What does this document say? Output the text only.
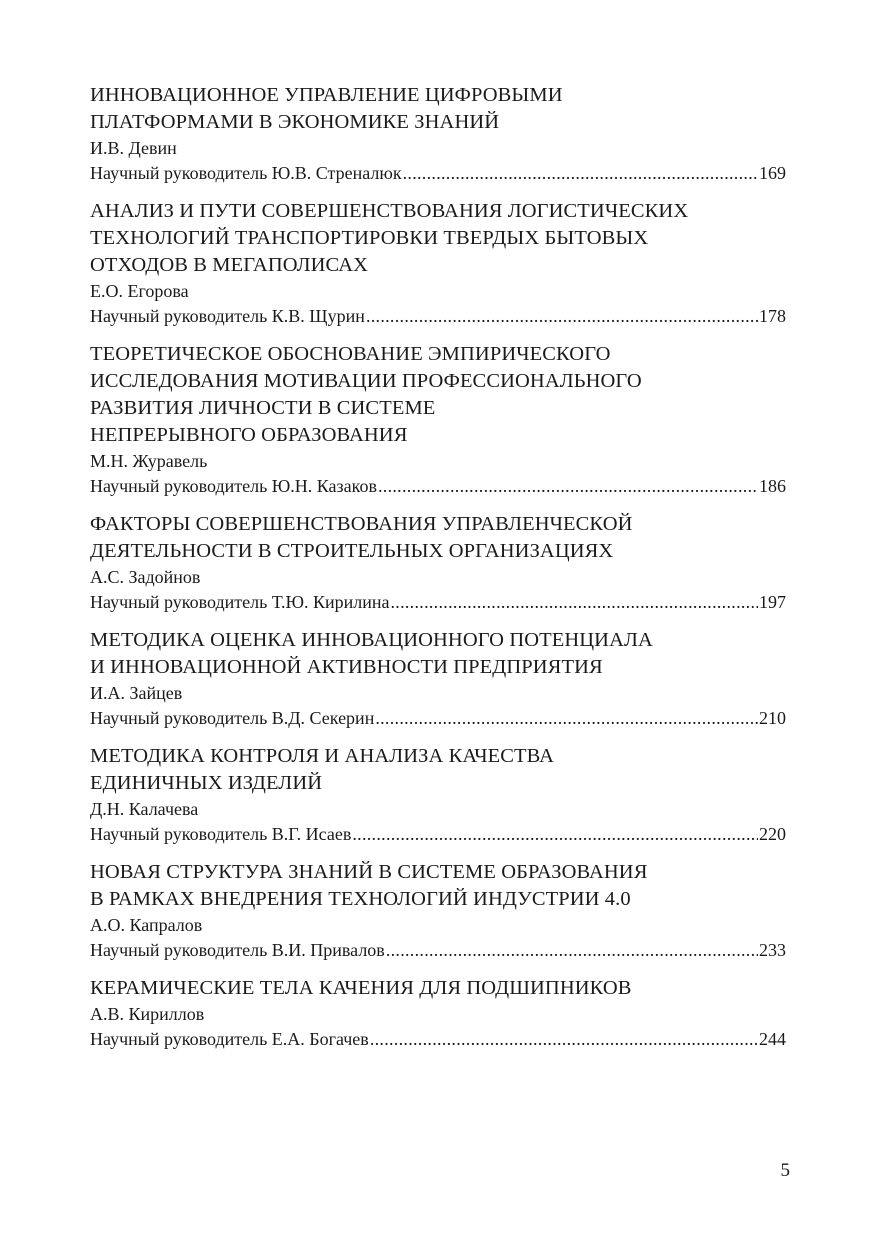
ИННОВАЦИОННОЕ УПРАВЛЕНИЕ ЦИФРОВЫМИ
ПЛАТФОРМАМИ В ЭКОНОМИКЕ ЗНАНИЙ
И.В. Девин
Научный руководитель Ю.В. Стреналюк .....	169
АНАЛИЗ И ПУТИ СОВЕРШЕНСТВОВАНИЯ ЛОГИСТИЧЕСКИХ
ТЕХНОЛОГИЙ ТРАНСПОРТИРОВКИ ТВЕРДЫХ БЫТОВЫХ
ОТХОДОВ В МЕГАПОЛИСАХ
Е.О. Егорова
Научный руководитель К.В. Щурин .....	178
ТЕОРЕТИЧЕСКОЕ ОБОСНОВАНИЕ ЭМПИРИЧЕСКОГО
ИССЛЕДОВАНИЯ МОТИВАЦИИ ПРОФЕССИОНАЛЬНОГО
РАЗВИТИЯ ЛИЧНОСТИ В СИСТЕМЕ
НЕПРЕРЫВНОГО ОБРАЗОВАНИЯ
М.Н. Журавель
Научный руководитель Ю.Н. Казаков .....	186
ФАКТОРЫ СОВЕРШЕНСТВОВАНИЯ УПРАВЛЕНЧЕСКОЙ
ДЕЯТЕЛЬНОСТИ В СТРОИТЕЛЬНЫХ ОРГАНИЗАЦИЯХ
А.С. Задойнов
Научный руководитель Т.Ю. Кирилина .....	197
МЕТОДИКА ОЦЕНКА ИННОВАЦИОННОГО ПОТЕНЦИАЛА
И ИННОВАЦИОННОЙ АКТИВНОСТИ ПРЕДПРИЯТИЯ
И.А. Зайцев
Научный руководитель В.Д. Секерин .....	210
МЕТОДИКА КОНТРОЛЯ И АНАЛИЗА КАЧЕСТВА
ЕДИНИЧНЫХ ИЗДЕЛИЙ
Д.Н. Калачева
Научный руководитель В.Г. Исаев .....	220
НОВАЯ СТРУКТУРА ЗНАНИЙ В СИСТЕМЕ ОБРАЗОВАНИЯ
В РАМКАХ ВНЕДРЕНИЯ ТЕХНОЛОГИЙ ИНДУСТРИИ 4.0
А.О. Капралов
Научный руководитель В.И. Привалов .....	233
КЕРАМИЧЕСКИЕ ТЕЛА КАЧЕНИЯ ДЛЯ ПОДШИПНИКОВ
А.В. Кириллов
Научный руководитель Е.А. Богачев .....	244
5
